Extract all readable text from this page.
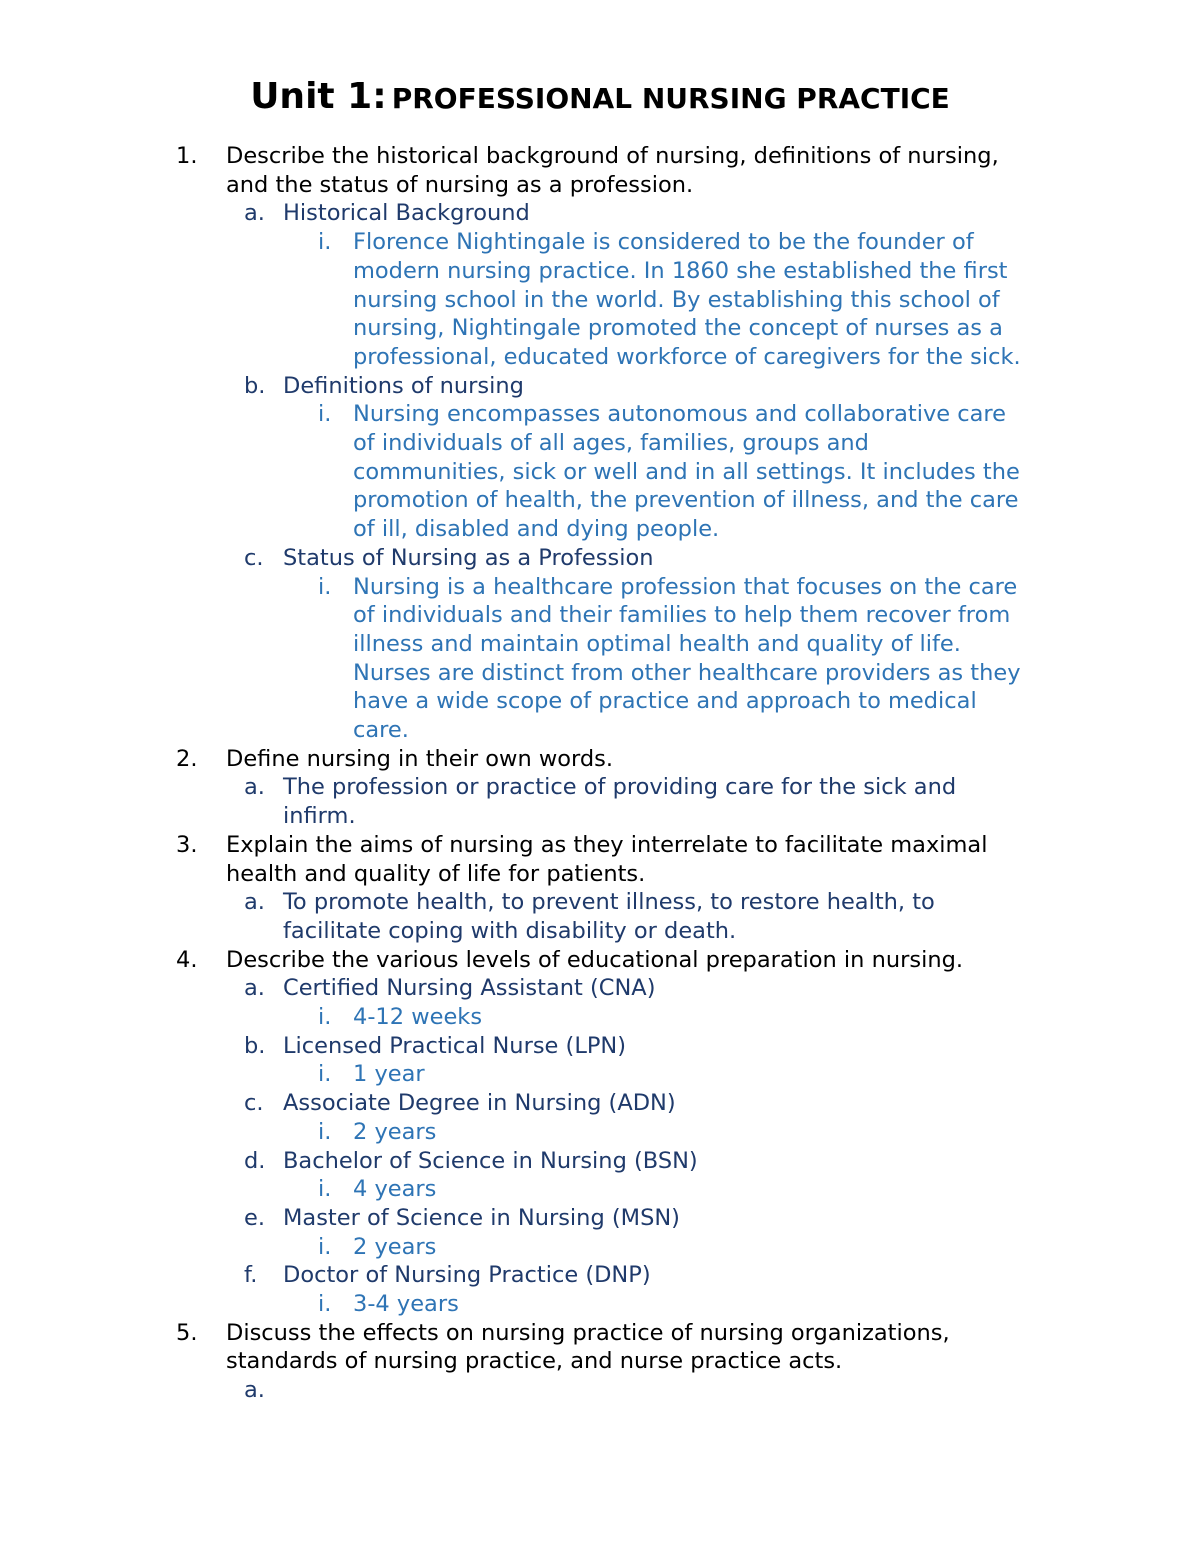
Unit 1: PROFESSIONAL NURSING PRACTICE
1. Describe the historical background of nursing, definitions of nursing,
and the status of nursing as a profession.
a. Historical Background
i. Florence Nightingale is considered to be the founder of
modern nursing practice. In 1860 she established the first
nursing school in the world. By establishing this school of
nursing, Nightingale promoted the concept of nurses as a
professional, educated workforce of caregivers for the sick.
b. Definitions of nursing
i. Nursing encompasses autonomous and collaborative care
of individuals of all ages, families, groups and
communities, sick or well and in all settings. It includes the
promotion of health, the prevention of illness, and the care
of ill, disabled and dying people.
c. Status of Nursing as a Profession
i. Nursing is a healthcare profession that focuses on the care
of individuals and their families to help them recover from
illness and maintain optimal health and quality of life.
Nurses are distinct from other healthcare providers as they
have a wide scope of practice and approach to medical
care.
2. Define nursing in their own words.
a. The profession or practice of providing care for the sick and
infirm.
3. Explain the aims of nursing as they interrelate to facilitate maximal
health and quality of life for patients.
a. To promote health, to prevent illness, to restore health, to
facilitate coping with disability or death.
4. Describe the various levels of educational preparation in nursing.
a. Certified Nursing Assistant (CNA)
i. 4-12 weeks
b. Licensed Practical Nurse (LPN)
i. 1 year
c. Associate Degree in Nursing (ADN)
i. 2 years
d. Bachelor of Science in Nursing (BSN)
i. 4 years
e. Master of Science in Nursing (MSN)
i. 2 years
f. Doctor of Nursing Practice (DNP)
i. 3-4 years
5. Discuss the effects on nursing practice of nursing organizations,
standards of nursing practice, and nurse practice acts.
a.
